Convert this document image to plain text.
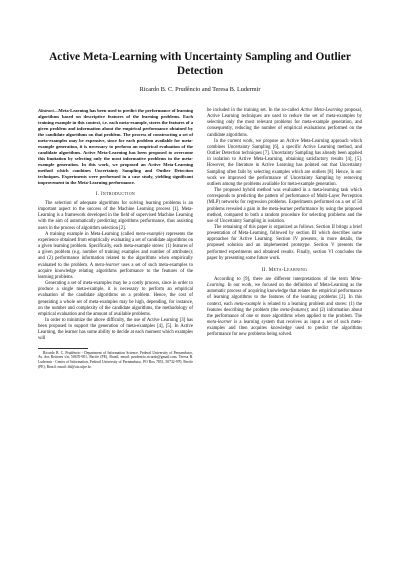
Active Meta-Learning with Uncertainty Sampling and Outlier Detection
Ricardo B. C. Prudêncio and Teresa B. Ludermir

Abstract—Meta-Learning has been used to predict the performance of learning algorithms based on descriptive features of the learning problems. Each training example in this context, i.e. each meta-example, stores the features of a given problem and information about the empirical performance obtained by the candidate algorithms on that problem. The process of constructing a set of meta-examples may be expensive, since for each problem available for meta-example generation, it is necessary to perform an empirical evaluation of the candidate algorithms. Active Meta-Learning has been proposed to overcome this limitation by selecting only the most informative problems in the meta-example generation. In this work, we proposed an Active Meta-Learning method which combines Uncertainty Sampling and Outlier Detection techniques. Experiments were performed in a case study, yielding significant improvement in the Meta-Learning performance.

I. Introduction

The selection of adequate algorithms for solving learning problems is an important aspect to the success of the Machine Learning process [1]. Meta-Learning is a framework developed in the field of supervised Machine Learning with the aim of automatically predicting algorithms performance, thus assisting users in the process of algorithm selection [2].

A training example in Meta-Learning (called meta-example) represents the experience obtained from empirically evaluating a set of candidate algorithms on a given learning problem. Specifically, each meta-example stores: (1) features of a given problem (e.g. number of training examples and number of attributes); and (2) performance information related to the algorithms when empirically evaluated to the problem. A meta-learner uses a set of such meta-examples to acquire knowledge relating algorithms performance to the features of the learning problems.

Generating a set of meta-examples may be a costly process, since in order to produce a single meta-example, it is necessary to perform an empirical evaluation of the candidate algorithms on a problem. Hence, the cost of generating a whole set of meta-examples may be high, depending, for instance, on the number and complexity of the candidate algorithms, the methodology of empirical evaluation and the amount of available problems.

In order to minimize the above difficulty, the use of Active Learning [3] has been proposed to support the generation of meta-examples [4], [5]. In Active Learning, the learner has some ability to decide at each moment which examples will

Ricardo B. C. Prudêncio - Department of Information Science, Federal University of Pernambuco, Av. dos Reitores s/n, 50670-901, Recife (PE), Brazil, email: prudencio.ricardo@gmail.com. Teresa B. Ludermir - Center of Information, Federal University of Pernambuco, PO Box 7851, 50732-970, Recife (PE), Brazil, email: tbl@cin.ufpe.br.

be included in the training set. In the so-called Active Meta-Learning proposal, Active Learning techniques are used to reduce the set of meta-examples by selecting only the most relevant problems for meta-example generation, and consequently, reducing the number of empirical evaluations performed on the candidate algorithms.

In the current work, we propose an Active Meta-Learning approach which combines Uncertainty Sampling [6], a specific Active Learning method, and Outlier Detection techniques [7]. Uncertainty Sampling has already been applied in isolation to Active Meta-Learning, obtaining satisfactory results [4], [5]. However, the literature in Active Learning has pointed out that Uncertainty Sampling often fails by selecting examples which are outliers [8]. Hence, in our work we improved the performance of Uncertainty Sampling by removing outliers among the problems available for meta-example generation.

The proposed hybrid method was evaluated in a meta-learning task which corresponds to predicting the pattern of performance of Multi-Layer Perceptron (MLP) networks for regression problems. Experiments performed on a set of 50 problems revealed a gain in the meta-learner performance by using the proposed method, compared to both a random procedure for selecting problems and the use of Uncertainty Sampling in isolation.

The remaining of this paper is organized as follows. Section II brings a brief presentation of Meta-Learning, followed by section III which describes some approaches for Active Learning. Section IV presents, in more details, the proposed solution and an implemented prototype. Section V presents the performed experiments and obtained results. Finally, section VI concludes the paper by presenting some future work.

II. Meta-Learning

According to [9], there are different interpretations of the term Meta-Learning. In our work, we focused on the definition of Meta-Learning as the automatic process of acquiring knowledge that relates the empirical performance of learning algorithms to the features of the learning problems [2]. In this context, each meta-example is related to a learning problem and stores: (1) the features describing the problem (the meta-features); and (2) information about the performance of one or more algorithms when applied to the problem. The meta-learner is a learning system that receives as input a set of such meta-examples and then acquires knowledge used to predict the algorithms performance for new problems being solved.
